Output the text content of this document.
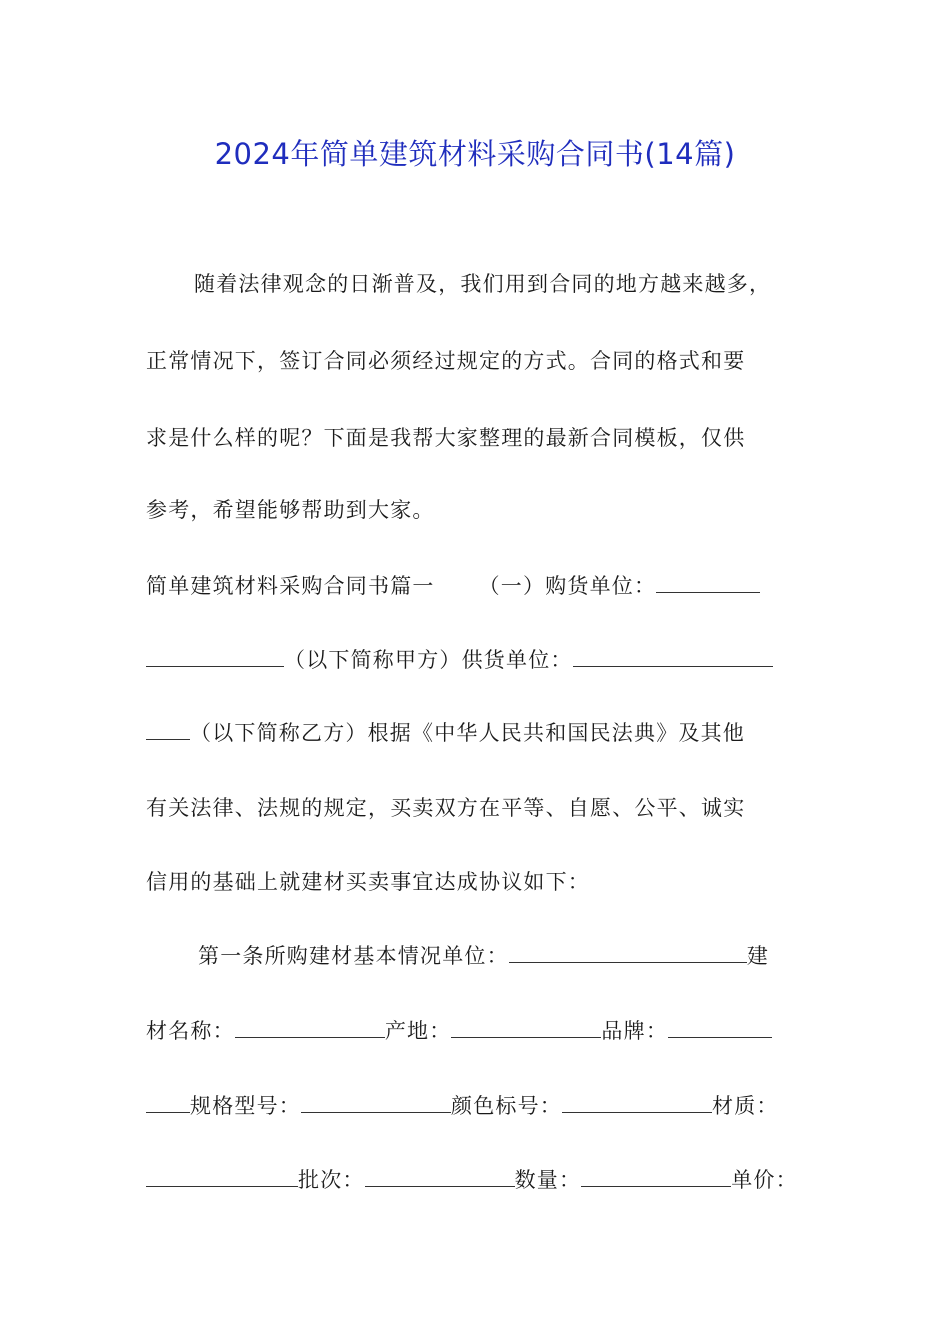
2024年简单建筑材料采购合同书(14篇)
随着法律观念的日渐普及，我们用到合同的地方越来越多，
正常情况下，签订合同必须经过规定的方式。合同的格式和要
求是什么样的呢？下面是我帮大家整理的最新合同模板，仅供
参考，希望能够帮助到大家。
简单建筑材料采购合同书篇一 （一）购货单位：
（以下简称甲方）供货单位：
（以下简称乙方）根据《中华人民共和国民法典》及其他
有关法律、法规的规定，买卖双方在平等、自愿、公平、诚实
信用的基础上就建材买卖事宜达成协议如下：
第一条所购建材基本情况单位：	建
材名称：	产地：	品牌：
规格型号：	颜色标号：	材质：
批次：	数量：	单价：
